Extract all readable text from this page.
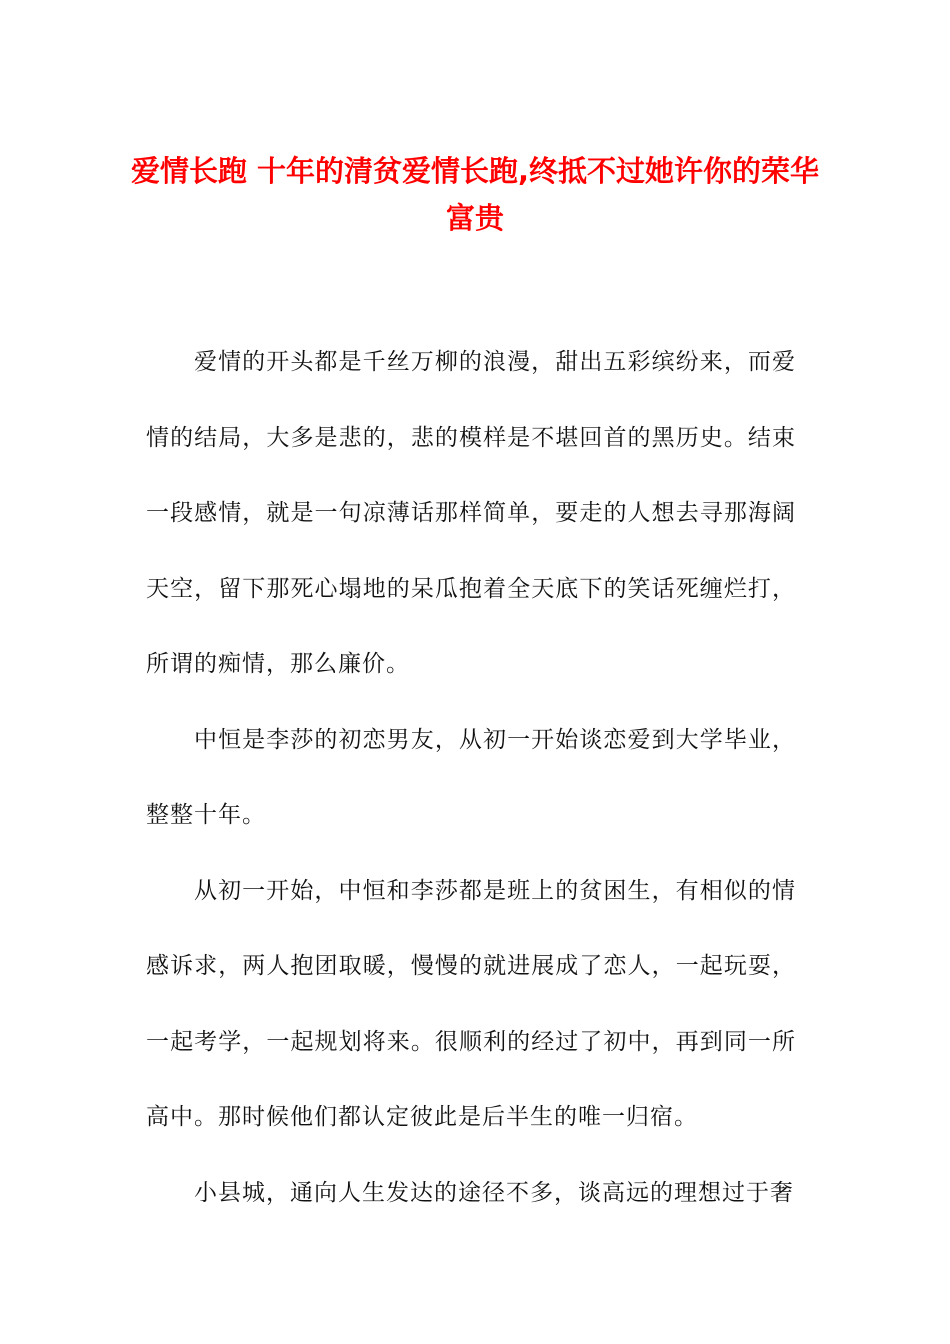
爱情长跑 十年的清贫爱情长跑,终抵不过她许你的荣华富贵

爱情的开头都是千丝万柳的浪漫，甜出五彩缤纷来，而爱情的结局，大多是悲的，悲的模样是不堪回首的黑历史。结束一段感情，就是一句凉薄话那样简单，要走的人想去寻那海阔天空，留下那死心塌地的呆瓜抱着全天底下的笑话死缠烂打，所谓的痴情，那么廉价。

中恒是李莎的初恋男友，从初一开始谈恋爱到大学毕业，整整十年。

从初一开始，中恒和李莎都是班上的贫困生，有相似的情感诉求，两人抱团取暖，慢慢的就进展成了恋人，一起玩耍，一起考学，一起规划将来。很顺利的经过了初中，再到同一所高中。那时候他们都认定彼此是后半生的唯一归宿。

小县城，通向人生发达的途径不多，谈高远的理想过于奢
